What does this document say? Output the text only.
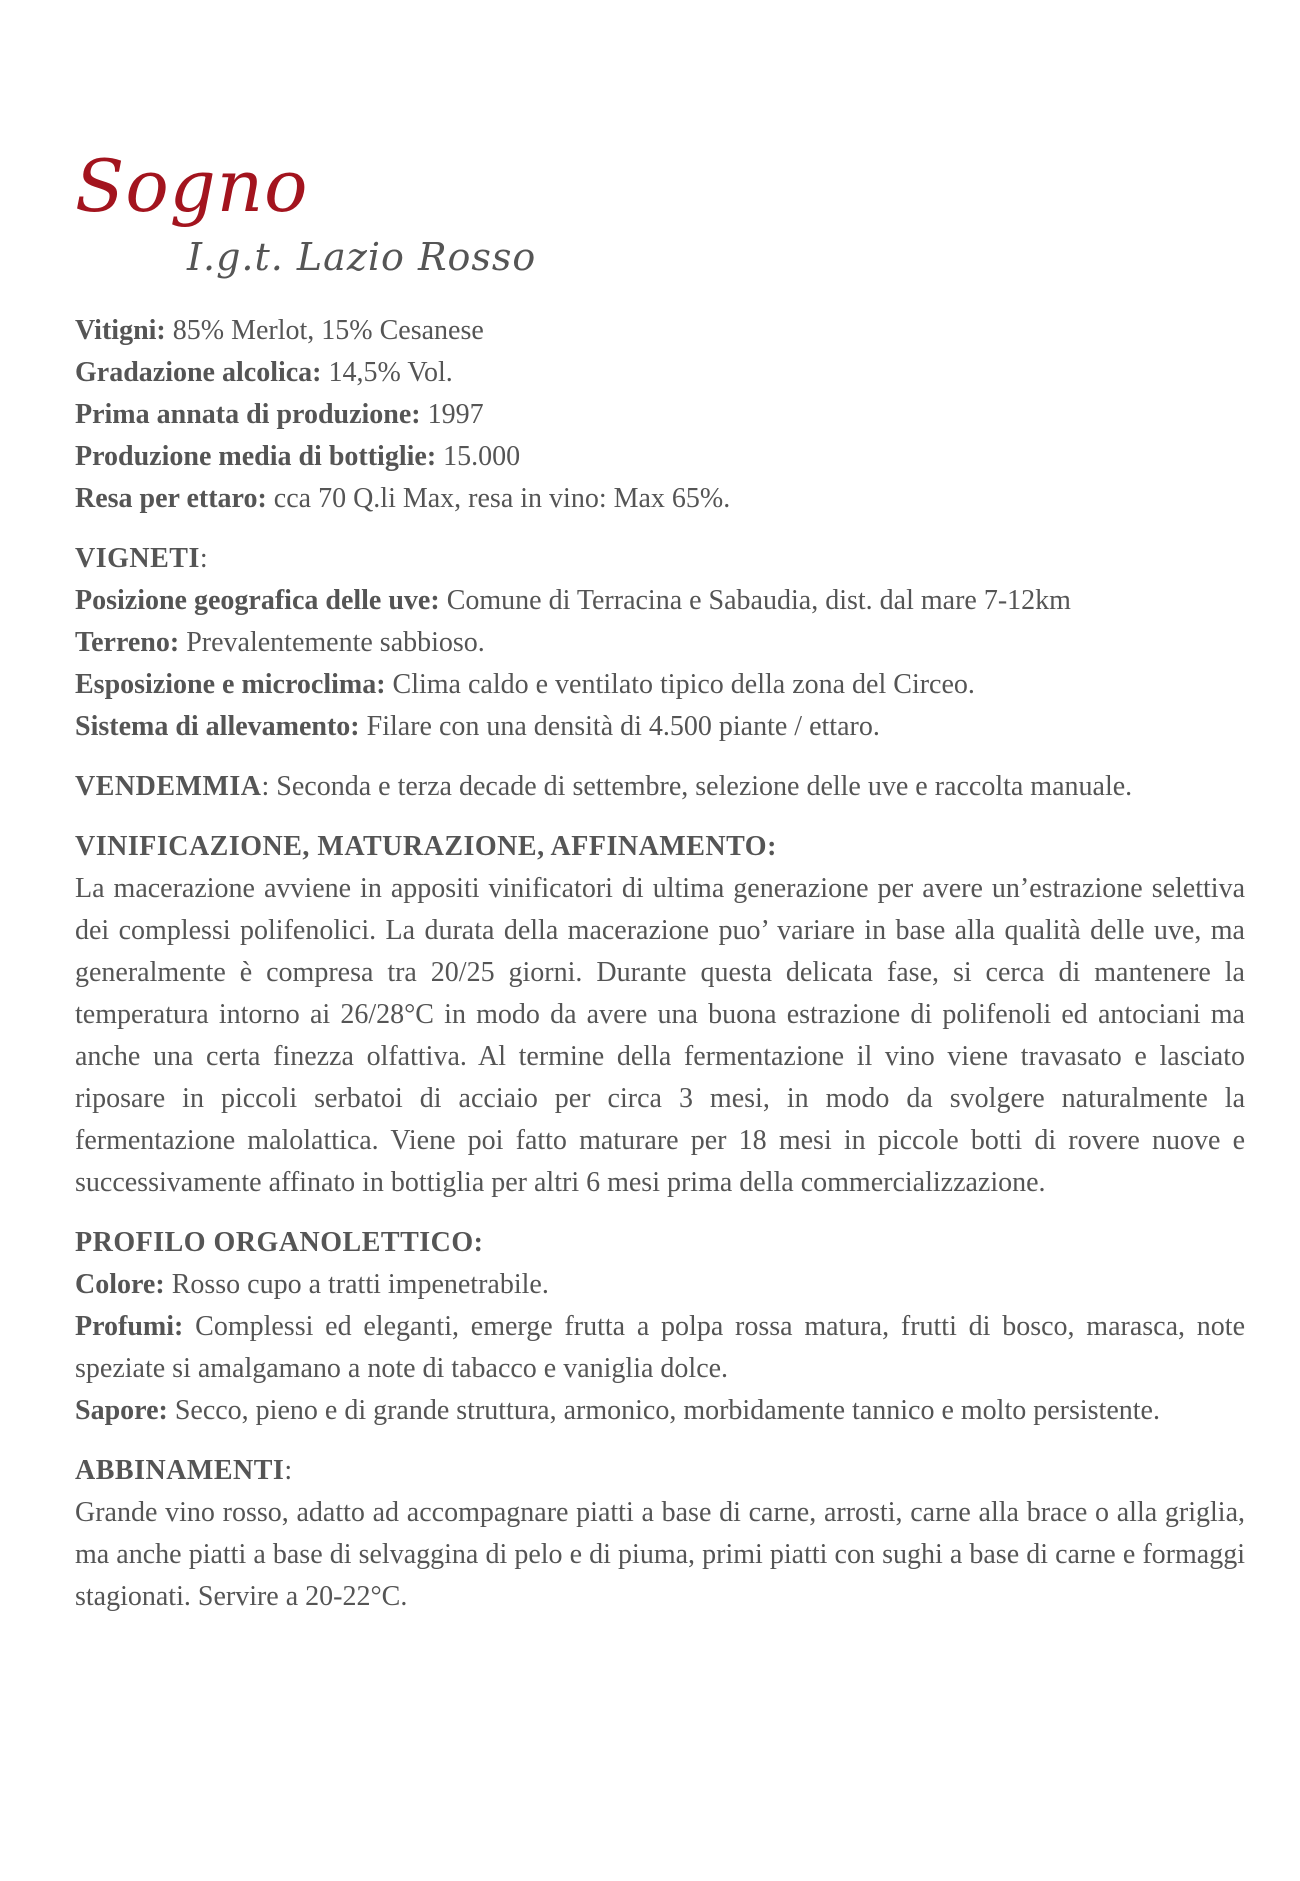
Sogno
I.g.t. Lazio Rosso

Vitigni: 85% Merlot, 15% Cesanese

Gradazione alcolica: 14,5% Vol.

Prima annata di produzione: 1997

Produzione media di bottiglie: 15.000

Resa per ettaro: cca 70 Q.li Max, resa in vino: Max 65%.

VIGNETI:

Posizione geografica delle uve: Comune di Terracina e Sabaudia, dist. dal mare 7-12km

Terreno: Prevalentemente sabbioso.

Esposizione e microclima: Clima caldo e ventilato tipico della zona del Circeo.

Sistema di allevamento: Filare con una densità di 4.500 piante / ettaro.

VENDEMMIA: Seconda e terza decade di settembre, selezione delle uve e raccolta manuale.

VINIFICAZIONE, MATURAZIONE, AFFINAMENTO:

La macerazione avviene in appositi vinificatori di ultima generazione per avere un’estrazione selettiva dei complessi polifenolici. La durata della macerazione puo’ variare in base alla qualità delle uve, ma generalmente è compresa tra 20/25 giorni. Durante questa delicata fase, si cerca di mantenere la temperatura intorno ai 26/28°C in modo da avere una buona estrazione di polifenoli ed antociani ma anche una certa finezza olfattiva. Al termine della fermentazione il vino viene travasato e lasciato riposare in piccoli serbatoi di acciaio per circa 3 mesi, in modo da svolgere naturalmente la fermentazione malolattica. Viene poi fatto maturare per 18 mesi in piccole botti di rovere nuove e successivamente affinato in bottiglia per altri 6 mesi prima della commercializzazione.

PROFILO ORGANOLETTICO:

Colore: Rosso cupo a tratti impenetrabile.

Profumi: Complessi ed eleganti, emerge frutta a polpa rossa matura, frutti di bosco, marasca, note speziate si amalgamano a note di tabacco e vaniglia dolce.

Sapore: Secco, pieno e di grande struttura, armonico, morbidamente tannico e molto persistente.

ABBINAMENTI:

Grande vino rosso, adatto ad accompagnare piatti a base di carne, arrosti, carne alla brace o alla griglia, ma anche piatti a base di selvaggina di pelo e di piuma, primi piatti con sughi a base di carne e formaggi stagionati. Servire a 20-22°C.
